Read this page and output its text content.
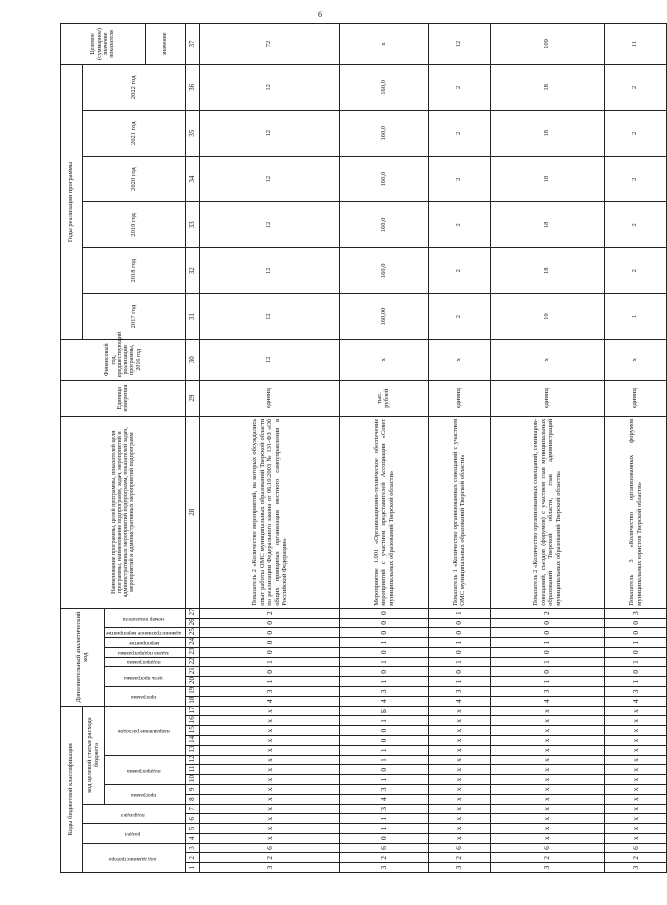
6
Коды бюджетной классификации																	Дополнительный аналитический код										Наименование программы, целей программы, показателей цели программы, наименование подпрограмм, задач, мероприятий и административных мероприятий подпрограмм, показателей задач, мероприятий и административных мероприятий подпрограмм	Единица измерения	Финансовый год, предшествующий реализации программы, 2016 год	Годы реализации программы						Целевое (суммарное) значение показателя
код администратора			раздел		подраздел		код целевой статьи расхода бюджета																							2017 год	2018 год	2019 год	2020 год	2021 год	2022 год	
							программа		подпрограмма			направление расходов					программа		цель программы		подпрограмма	задача подпрограммы	мероприятие	административное мероприятие	номер показателя											
																																				значение
1	2	3	4	5	6	7	8	9	10	11	12	13	14	15	16	17	18	19	20	21	22	23	24	25	26	27	28	29	30	31	32	33	34	35	36	37
3	2	6	х	х	х	х	х	х	х	х	х	х	х	х	х	х	4	3	1	0	1	0	0	0	0	2	Показатель 2 «Количество мероприятий, на которых обсуждались опыт работы ОМС муниципальных образований Тверской области по реализации Федерального закона от 06.10.2003 № 131-ФЗ «Об общих принципах организации местного самоуправления в Российской Федерации»	единиц	12	12	12	12	12	12	12	72
3	2	6	0	1	1	3	4	3	1	0	1	1	0	0	1	Б	4	3	1	0	1	0	1	0	0	0	Мероприятие 1.001 «Организационно-техническое обеспечение мероприятий с участием представителей Ассоциации «Совет муниципальных образований Тверской области»	тыс. рублей	х	160,00	160,0	160,0	160,0	160,0	160,0	х
3	2	6	х	х	х	х	х	х	х	х	х	х	х	х	х	х	4	3	1	0	1	0	1	0	0	1	Показатель 1 «Количество организованных совещаний с участием ОМС муниципальных образований Тверской области»	единиц	х	2	2	2	2	2	2	12
3	2	6	х	х	х	х	х	х	х	х	х	х	х	х	х	х	4	3	1	0	1	0	1	0	0	2	Показатель 2 «Количество организованных совещаний, семинаров-совещаний, съездов (форумов) с участием глав муниципальных образований Тверской области, глав администраций муниципальных образований Тверской области»	единиц	х	19	18	18	18	18	18	109
3	2	6	х	х	х	х	х	х	х	х	х	х	х	х	х	х	4	3	1	0	1	0	1	0	0	3	Показатель 3 «Количество организованных форумов муниципальных юристов Тверской области»	единиц	х	1	2	2	2	2	2	11
